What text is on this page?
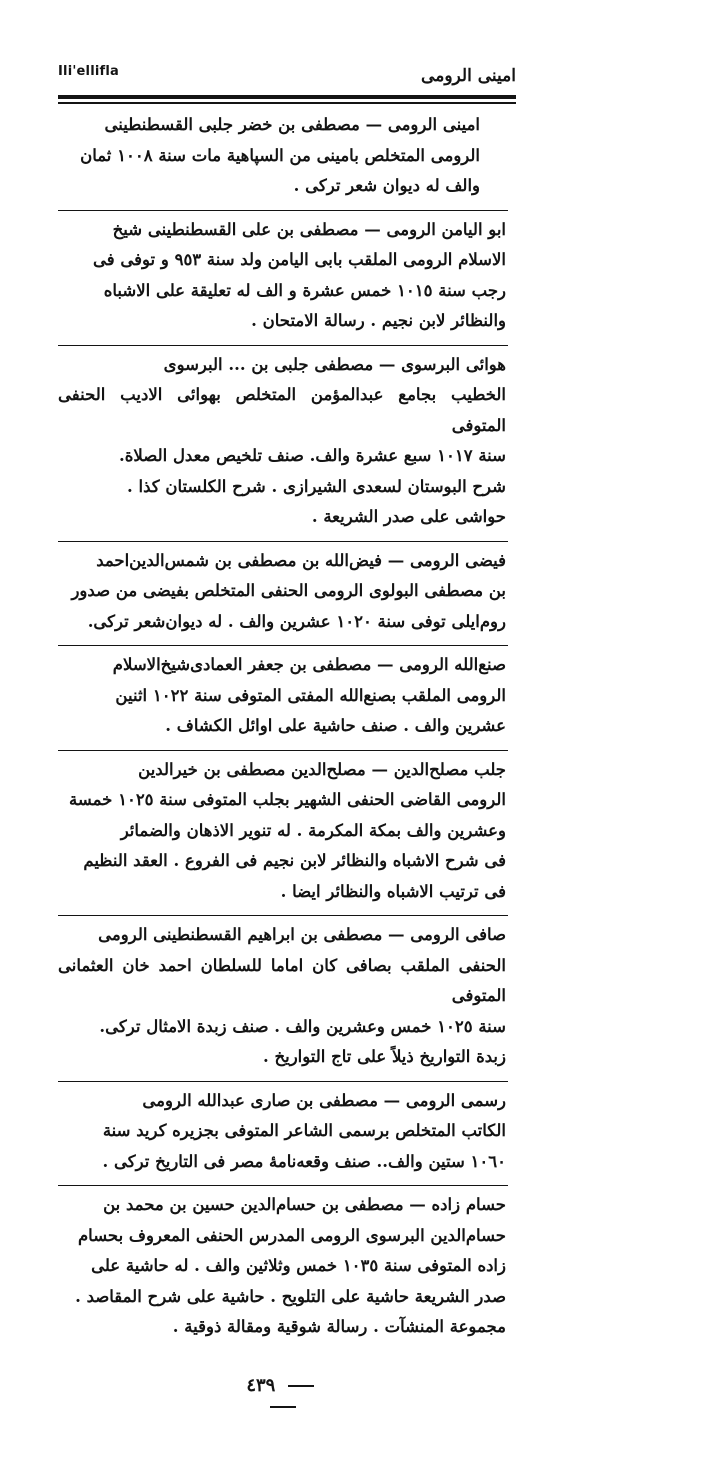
Ili'ellifla	امینی الرومی

امینی الرومی — مصطفی بن خضر جلبی القسطنطینی
الرومی المتخلص بامینی من السپاهیة مات سنة ١٠٠٨ ثمان
والف له دیوان شعر ترکی .

ابو الیامن الرومی — مصطفی بن علی القسطنطینی شیخ
الاسلام الرومی الملقب بابی الیامن ولد سنة ٩٥٣ و توفی فی
رجب سنة ١٠١٥ خمس عشرة و الف له تعلیقة علی الاشباه
والنظائر لابن نجیم . رسالة الامتحان .

هوائی البرسوی — مصطفی جلبی بن ... البرسوی
الخطیب بجامع عبدالمؤمن المتخلص بهوائی الادیب الحنفی المتوفی
سنة ١٠١٧ سبع عشرة والف. صنف تلخیص معدل الصلاة.
شرح البوستان لسعدی الشیرازی . شرح الکلستان کذا .
حواشی علی صدر الشریعة .

فیضی الرومی — فیض‌الله بن مصطفی بن شمس‌الدین‌احمد
بن مصطفی البولوی الرومی الحنفی المتخلص بفیضی من صدور
روم‌ایلی توفی سنة ١٠٢٠ عشرین والف . له دیوان‌شعر ترکی.

صنع‌الله الرومی — مصطفی بن جعفر العمادی‌شیخ‌الاسلام
الرومی الملقب بصنع‌الله المفتی المتوفی سنة ١٠٢٢ اثنین
عشرین والف . صنف حاشیة علی اوائل الکشاف .

جلب مصلح‌الدین — مصلح‌الدین مصطفی بن خیرالدین
الرومی القاضی الحنفی الشهیر بجلب المتوفی سنة ١٠٢٥ خمسة
وعشرین والف بمکة المکرمة . له تنویر الاذهان والضمائر
فی شرح الاشباه والنظائر لابن نجیم فی الفروع . العقد النظیم
فی ترتیب الاشباه والنظائر ایضا .

صافی الرومی — مصطفی بن ابراهیم القسطنطینی الرومی
الحنفی الملقب بصافی کان اماما للسلطان احمد خان العثمانی المتوفی
سنة ١٠٢٥ خمس وعشرین والف . صنف زبدة الامثال ترکی.
زبدة التواریخ ذیلاً علی تاج التواریخ .

رسمی الرومی — مصطفی بن صاری عبدالله الرومی
الکاتب المتخلص برسمی الشاعر المتوفی بجزیره کرید سنة
١٠٦٠ ستین والف.. صنف وقعه‌نامهٔ مصر فی التاریخ ترکی .

حسام زاده — مصطفی بن حسام‌الدین حسین بن محمد بن
حسام‌الدین البرسوی الرومی المدرس الحنفی المعروف بحسام
زاده المتوفی سنة ١٠٣٥ خمس وثلاثین والف . له حاشیة علی
صدر الشریعة حاشیة علی التلویح . حاشیة علی شرح المقاصد .
مجموعة المنشآت . رسالة شوقیة ومقالة ذوقیة .

٤٣٩
